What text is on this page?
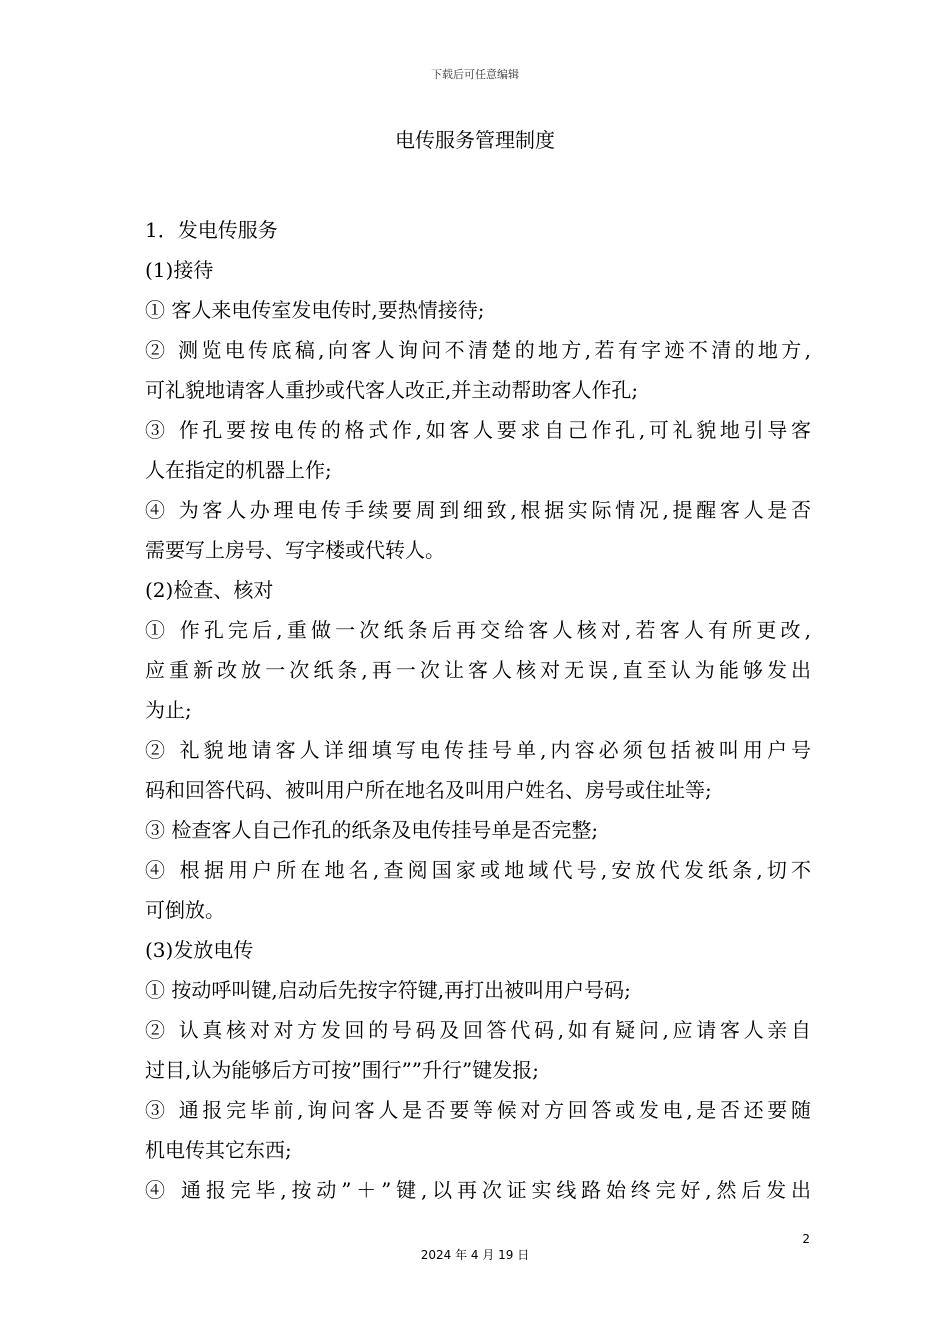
下载后可任意编辑
电传服务管理制度
1．发电传服务
(1)接待
① 客人来电传室发电传时,要热情接待;
② 测览电传底稿,向客人询问不清楚的地方,若有字迹不清的地方,
可礼貌地请客人重抄或代客人改正,并主动帮助客人作孔;
③ 作孔要按电传的格式作,如客人要求自己作孔,可礼貌地引导客
人在指定的机器上作;
④ 为客人办理电传手续要周到细致,根据实际情况,提醒客人是否
需要写上房号、写字楼或代转人。
(2)检查、核对
① 作孔完后,重做一次纸条后再交给客人核对,若客人有所更改,
应重新改放一次纸条,再一次让客人核对无误,直至认为能够发出
为止;
② 礼貌地请客人详细填写电传挂号单,内容必须包括被叫用户号
码和回答代码、被叫用户所在地名及叫用户姓名、房号或住址等;
③ 检查客人自己作孔的纸条及电传挂号单是否完整;
④ 根据用户所在地名,查阅国家或地域代号,安放代发纸条,切不
可倒放。
(3)发放电传
① 按动呼叫键,启动后先按字符键,再打出被叫用户号码;
② 认真核对对方发回的号码及回答代码,如有疑问,应请客人亲自
过目,认为能够后方可按”围行””升行”键发报;
③ 通报完毕前,询问客人是否要等候对方回答或发电,是否还要随
机电传其它东西;
④ 通报完毕,按动”＋”键,以再次证实线路始终完好,然后发出
2
2024 年 4 月 19 日
